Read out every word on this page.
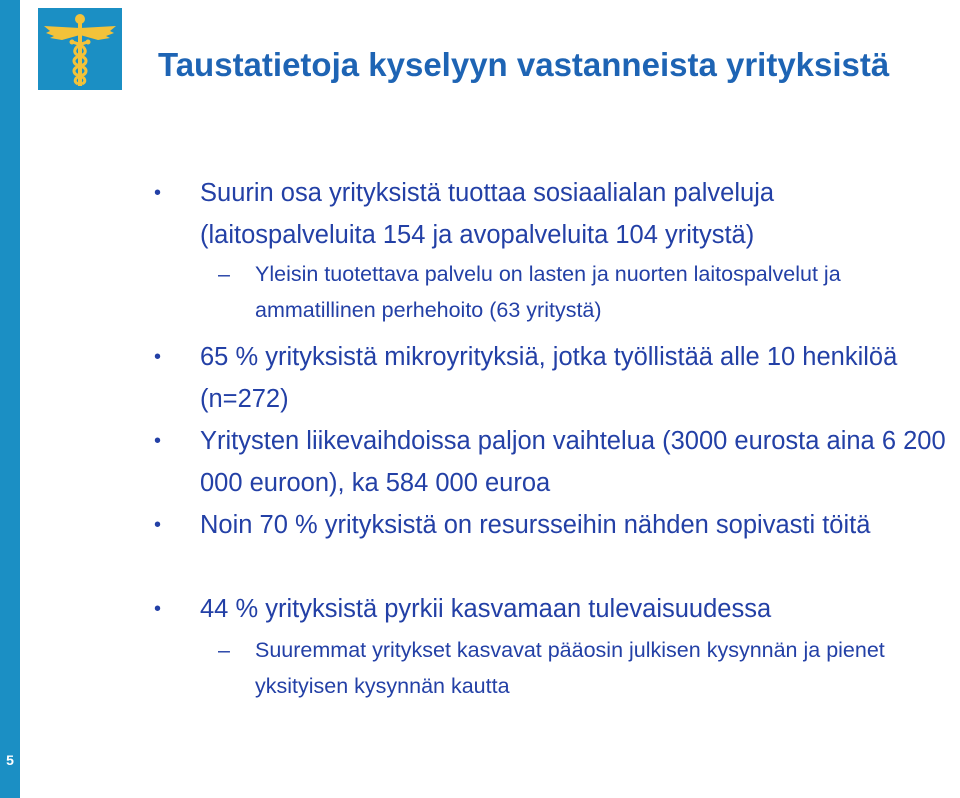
5
Taustatietoja kyselyyn vastanneista yrityksistä
• Suurin osa yrityksistä tuottaa sosiaalialan palveluja (laitospalveluita 154 ja avopalveluita 104 yritystä)
– Yleisin tuotettava palvelu on lasten ja nuorten laitospalvelut ja ammatillinen perhehoito (63 yritystä)
• 65 % yrityksistä mikroyrityksiä, jotka työllistää alle 10 henkilöä (n=272)
• Yritysten liikevaihdoissa paljon vaihtelua (3000 eurosta aina 6 200 000 euroon), ka 584 000 euroa
• Noin 70 % yrityksistä on resursseihin nähden sopivasti töitä
• 44 % yrityksistä pyrkii kasvamaan tulevaisuudessa
– Suuremmat yritykset kasvavat pääosin julkisen kysynnän ja pienet yksityisen kysynnän kautta
